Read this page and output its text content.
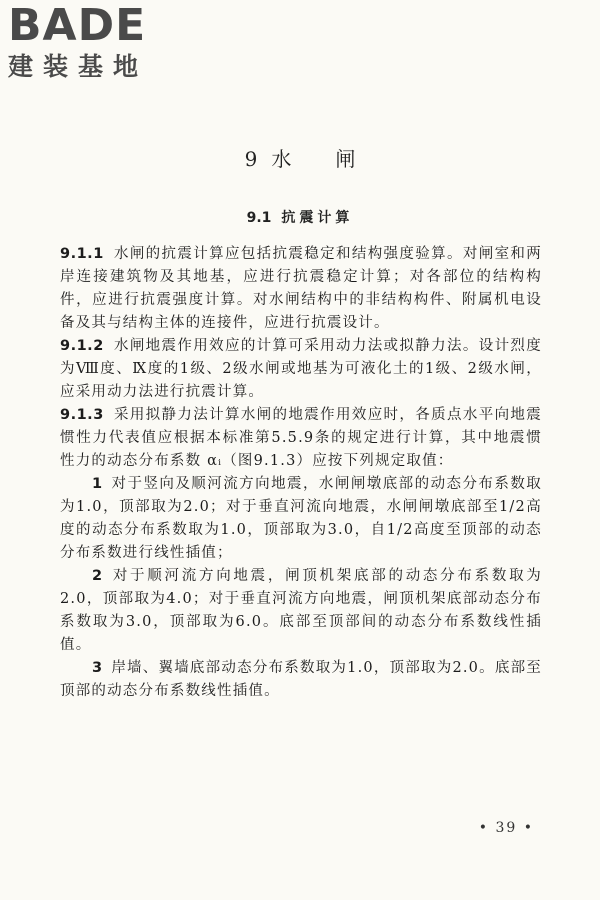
BADE
建装基地
9 水 闸
9.1 抗震计算

9.1.1 水闸的抗震计算应包括抗震稳定和结构强度验算。对闸室和两岸连接建筑物及其地基，应进行抗震稳定计算；对各部位的结构构件，应进行抗震强度计算。对水闸结构中的非结构构件、附属机电设备及其与结构主体的连接件，应进行抗震设计。

9.1.2 水闸地震作用效应的计算可采用动力法或拟静力法。设计烈度为Ⅷ度、Ⅸ度的1级、2级水闸或地基为可液化土的1级、2级水闸，应采用动力法进行抗震计算。

9.1.3 采用拟静力法计算水闸的地震作用效应时，各质点水平向地震惯性力代表值应根据本标准第5.5.9条的规定进行计算，其中地震惯性力的动态分布系数 αᵢ（图9.1.3）应按下列规定取值：

1 对于竖向及顺河流方向地震，水闸闸墩底部的动态分布系数取为1.0，顶部取为2.0；对于垂直河流向地震，水闸闸墩底部至1/2高度的动态分布系数取为1.0，顶部取为3.0，自1/2高度至顶部的动态分布系数进行线性插值；

2 对于顺河流方向地震，闸顶机架底部的动态分布系数取为2.0，顶部取为4.0；对于垂直河流方向地震，闸顶机架底部动态分布系数取为3.0，顶部取为6.0。底部至顶部间的动态分布系数线性插值。

3 岸墙、翼墙底部动态分布系数取为1.0，顶部取为2.0。底部至顶部的动态分布系数线性插值。

• 39 •
